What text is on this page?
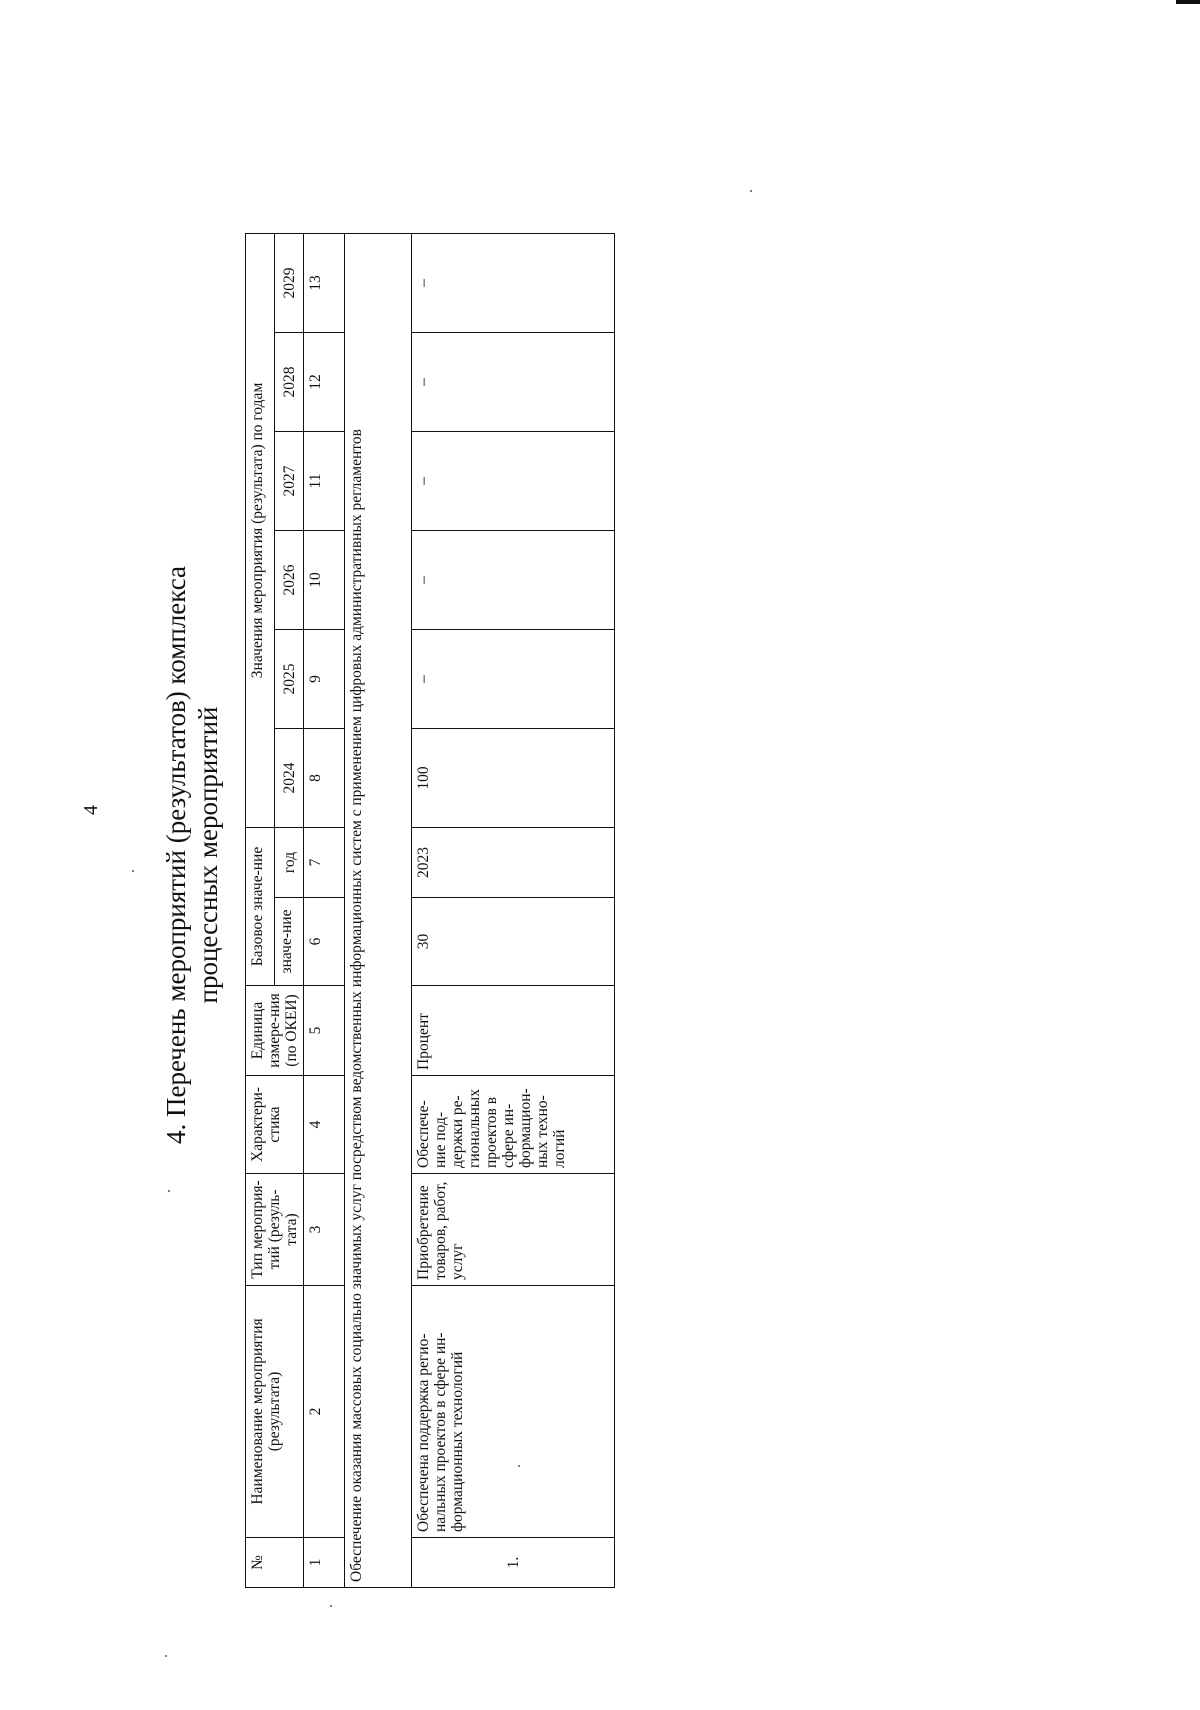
4 4. Перечень мероприятий (результатов) комплекса процессных мероприятий
№	Наименование мероприятия (результата)	Тип мероприя-тий (резуль-тата)	Характери-стика	Единица измере-ния (по ОКЕИ)	Базовое значе-ние		Значения мероприятия (результата) по годам					
					значе-ние	год	2024	2025	2026	2027	2028	2029
1	2	3	4	5	6	7	8	9	10	11	12	13
Обеспечение оказания массовых социально значимых услуг посредством ведомственных информационных систем с применением цифровых административных регламентов												
1.	Обеспечена поддержка регио-нальных проектов в сфере ин-формационных технологий	Приобретение товаров, работ, услуг	Обеспече-ние под-держки ре-гиональных проектов в сфере ин-формацион-ных техно-логий	Процент	30	2023	100	–	–	–	–	–
